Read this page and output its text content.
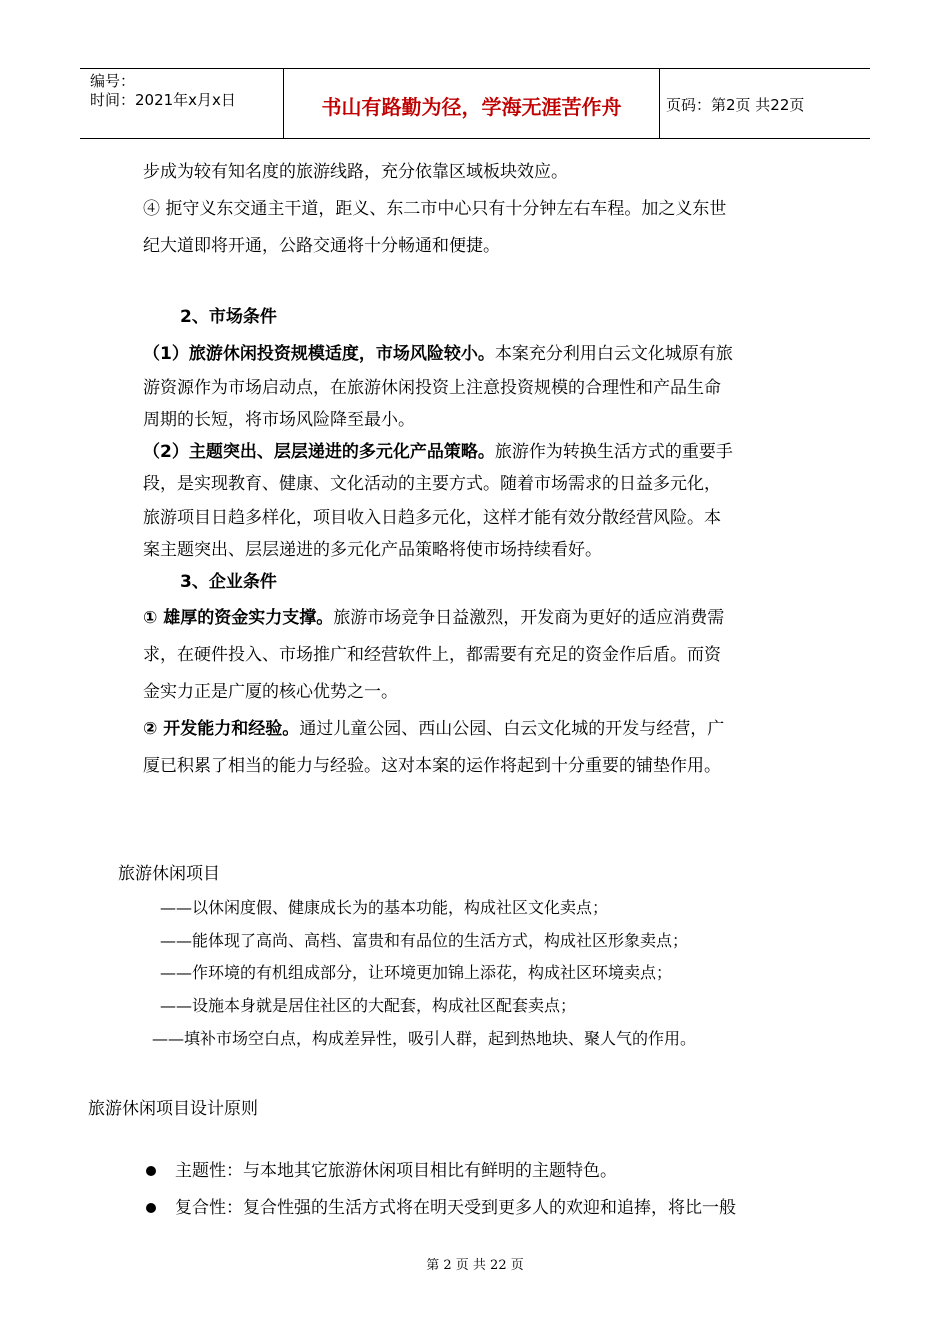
编号：
时间：2021年x月x日	书山有路勤为径，学海无涯苦作舟	页码：第2页 共22页
步成为较有知名度的旅游线路，充分依靠区域板块效应。
④ 扼守义东交通主干道，距义、东二市中心只有十分钟左右车程。加之义东世
纪大道即将开通，公路交通将十分畅通和便捷。
2、市场条件
（1）旅游休闲投资规模适度，市场风险较小。本案充分利用白云文化城原有旅
游资源作为市场启动点，在旅游休闲投资上注意投资规模的合理性和产品生命
周期的长短，将市场风险降至最小。
（2）主题突出、层层递进的多元化产品策略。旅游作为转换生活方式的重要手
段，是实现教育、健康、文化活动的主要方式。随着市场需求的日益多元化，
旅游项目日趋多样化，项目收入日趋多元化，这样才能有效分散经营风险。本
案主题突出、层层递进的多元化产品策略将使市场持续看好。
3、企业条件
① 雄厚的资金实力支撑。旅游市场竞争日益激烈，开发商为更好的适应消费需
求，在硬件投入、市场推广和经营软件上，都需要有充足的资金作后盾。而资
金实力正是广厦的核心优势之一。
② 开发能力和经验。通过儿童公园、西山公园、白云文化城的开发与经营，广
厦已积累了相当的能力与经验。这对本案的运作将起到十分重要的铺垫作用。
旅游休闲项目
——以休闲度假、健康成长为的基本功能，构成社区文化卖点；
——能体现了高尚、高档、富贵和有品位的生活方式，构成社区形象卖点；
——作环境的有机组成部分，让环境更加锦上添花，构成社区环境卖点；
——设施本身就是居住社区的大配套，构成社区配套卖点；
——填补市场空白点，构成差异性，吸引人群，起到热地块、聚人气的作用。
旅游休闲项目设计原则
主题性：与本地其它旅游休闲项目相比有鲜明的主题特色。
复合性：复合性强的生活方式将在明天受到更多人的欢迎和追捧，将比一般
第 2 页 共 22 页
